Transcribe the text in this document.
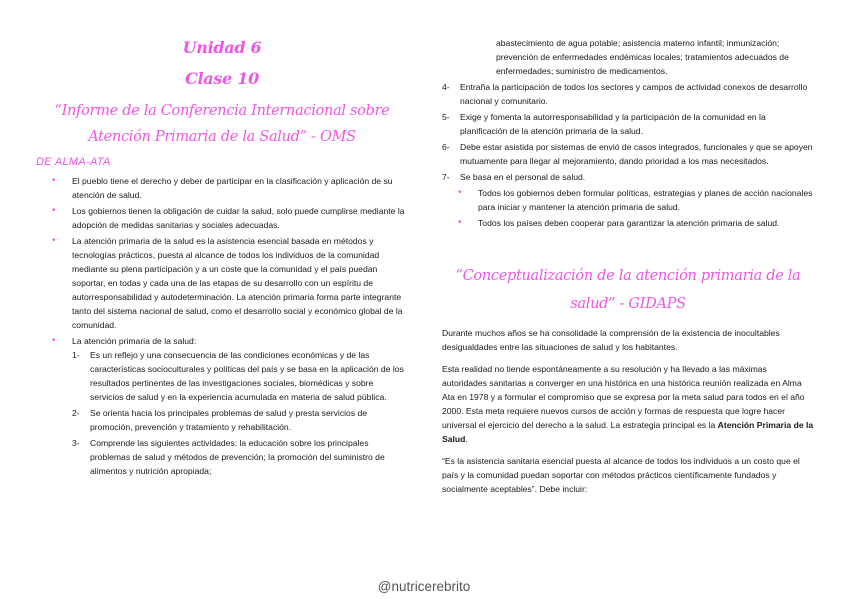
Unidad 6
Clase 10
“Informe de la Conferencia Internacional sobre Atención Primaria de la Salud” - OMS
DE ALMA-ATA
• El pueblo tiene el derecho y deber de participar en la clasificación y aplicación de su atención de salud.
• Los gobiernos tienen la obligación de cuidar la salud, solo puede cumplirse mediante la adopción de medidas sanitarias y sociales adecuadas.
• La atención primaria de la salud es la asistencia esencial basada en métodos y tecnologías prácticos, puesta al alcance de todos los individuos de la comunidad mediante su plena participación y a un coste que la comunidad y el país puedan soportar, en todas y cada una de las etapas de su desarrollo con un espíritu de autorresponsabilidad y autodeterminación. La atención primaria forma parte integrante tanto del sistema nacional de salud, como el desarrollo social y económico global de la comunidad.
• La atención primaria de la salud:
1- Es un reflejo y una consecuencia de las condiciones económicas y de las características socioculturales y políticas del país y se basa en la aplicación de los resultados pertinentes de las investigaciones sociales, biomédicas y sobre servicios de salud y en la experiencia acumulada en materia de salud pública.
2- Se orienta hacia los principales problemas de salud y presta servicios de promoción, prevención y tratamiento y rehabilitación.
3- Comprende las siguientes actividades: la educación sobre los principales problemas de salud y métodos de prevención; la promoción del suministro de alimentos y nutrición apropiada;
abastecimiento de agua potable; asistencia materno infantil; inmunización; prevención de enfermedades endémicas locales; tratamientos adecuados de enfermedades; suministro de medicamentos.
4- Entraña la participación de todos los sectores y campos de actividad conexos de desarrollo nacional y comunitario.
5- Exige y fomenta la autorresponsabilidad y la participación de la comunidad en la planificación de la atención primaria de la salud.
6- Debe estar asistida por sistemas de envió de casos integrados, funcionales y que se apoyen mutuamente para llegar al mejoramiento, dando prioridad a los mas necesitados.
7- Se basa en el personal de salud.
• Todos los gobiernos deben formular políticas, estrategias y planes de acción nacionales para iniciar y mantener la atención primaria de salud.
• Todos los países deben cooperar para garantizar la atención primaria de salud.
“Conceptualización de la atención primaria de la salud” - GIDAPS

Durante muchos años se ha consolidade la comprensión de la existencia de inocultables desigualdades entre las situaciones de salud y los habitantes.

Esta realidad no tiende espontáneamente a su resolución y ha llevado a las máximas autoridades sanitarias a converger en una histórica en una histórica reunión realizada en Alma Ata en 1978 y a formular el compromiso que se expresa por la meta salud para todos en el año 2000. Esta meta requiere nuevos cursos de acción y formas de respuesta que logre hacer universal el ejercicio del derecho a la salud. La estrategia principal es la Atención Primaria de la Salud.

“Es la asistencia sanitaria esencial puesta al alcance de todos los individuos a un costo que el país y la comunidad puedan soportar con métodos prácticos científicamente fundados y socialmente aceptables”. Debe incluir:

@nutricerebrito
